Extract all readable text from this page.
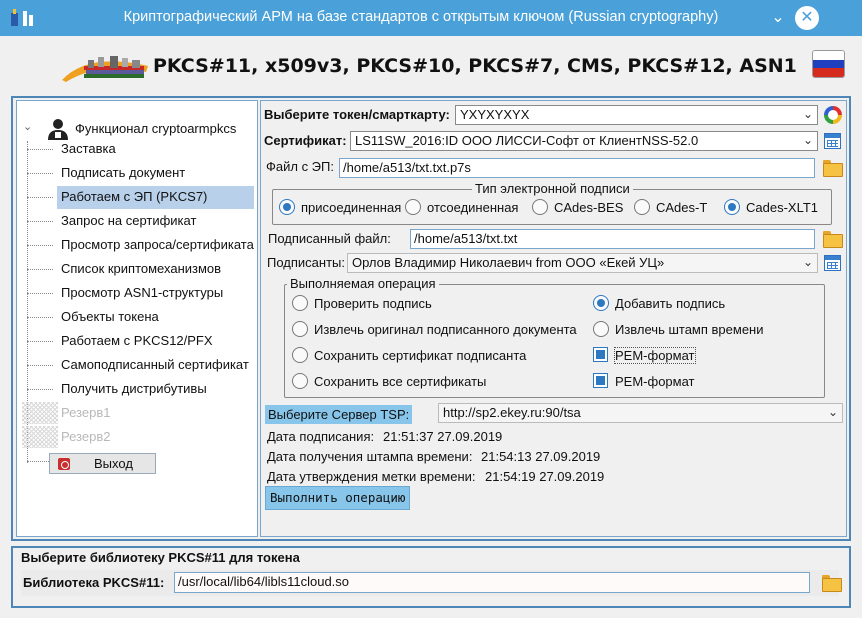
Криптографический АРМ на базе стандартов с открытым ключом (Russian cryptography)	⌄ ✕
PKCS#11, x509v3, PKCS#10, PKCS#7, CMS, PKCS#12, ASN1
⌄	Функционал cryptoarmpkcs
Заставка
Подписать документ
Работаем с ЭП (PKCS7)
Запрос на сертификат
Просмотр запроса/сертификата
Список криптомеханизмов
Просмотр ASN1-структуры
Объекты токена
Работаем с PKCS12/PFX
Самоподписанный сертификат
Получить дистрибутивы
Резерв1
Резерв2
Выход
Выберите токен/смарткарту: YXYXYXYX	⌄
Сертификат: LS11SW_2016:ID ООО ЛИССИ-Софт от КлиентNSS-52.0	⌄
Файл с ЭП: /home/a513/txt.txt.p7s
Тип электронной подписи
присоединенная отсоединенная	CAdes-BES	CAdes-T	Cades-XLT1
Подписанный файл:	/home/a513/txt.txt
Подписанты: Орлов Владимир Николаевич from ООО «Екей УЦ»	⌄
Выполняемая операция
Проверить подпись
Извлечь оригинал подписанного документа
Сохранить сертификат подписанта
Сохранить все сертификаты
Добавить подпись
Извлечь штамп времени
PEM-формат
PEM-формат
Выберите Сервер TSP:	http://sp2.ekey.ru:90/tsa	⌄
Дата подписания: 21:51:37 27.09.2019
Дата получения штампа времени: 21:54:13 27.09.2019
Дата утверждения метки времени: 21:54:19 27.09.2019
Выполнить операцию
Выберите библиотеку PKCS#11 для токена
Библиотека PKCS#11:	/usr/local/lib64/libls11cloud.so
